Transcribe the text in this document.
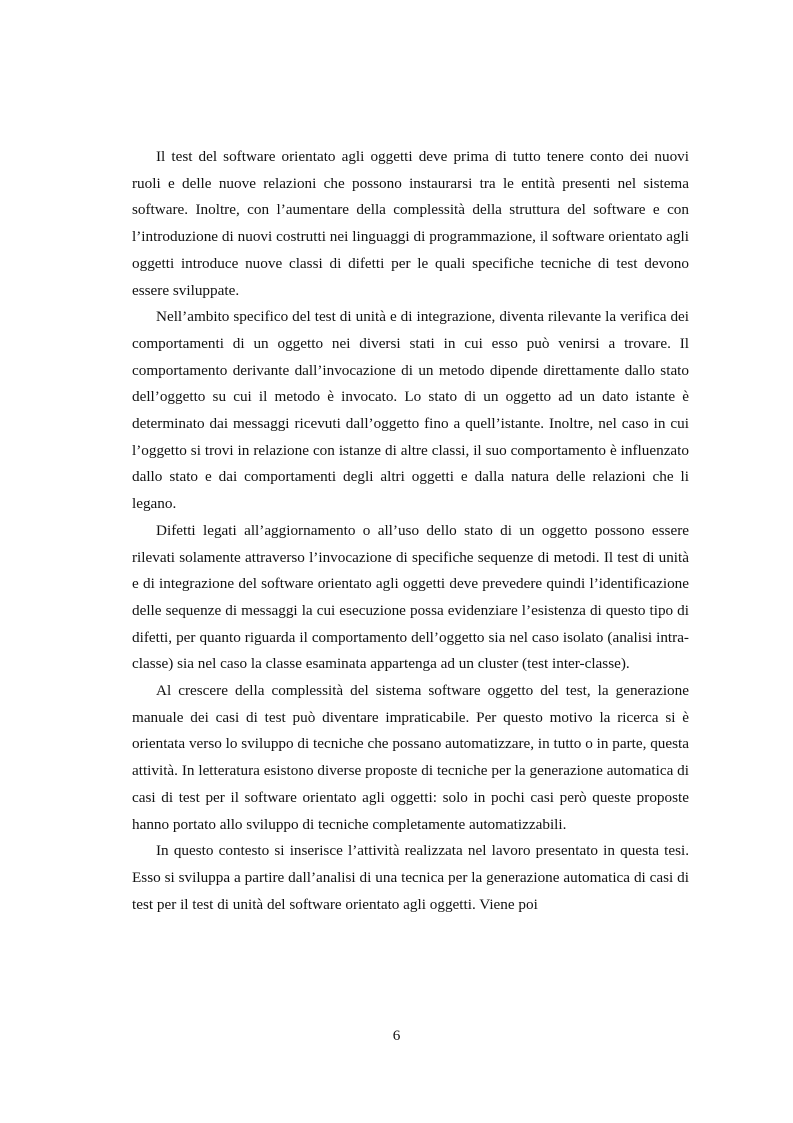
Il test del software orientato agli oggetti deve prima di tutto tenere conto dei nuovi ruoli e delle nuove relazioni che possono instaurarsi tra le entità presenti nel sistema software. Inoltre, con l’aumentare della complessità della struttura del software e con l’introduzione di nuovi costrutti nei linguaggi di programmazione, il software orientato agli oggetti introduce nuove classi di difetti per le quali specifiche tecniche di test devono essere sviluppate.

Nell’ambito specifico del test di unità e di integrazione, diventa rilevante la verifica dei comportamenti di un oggetto nei diversi stati in cui esso può venirsi a trovare. Il comportamento derivante dall’invocazione di un metodo dipende direttamente dallo stato dell’oggetto su cui il metodo è invocato. Lo stato di un oggetto ad un dato istante è determinato dai messaggi ricevuti dall’oggetto fino a quell’istante. Inoltre, nel caso in cui l’oggetto si trovi in relazione con istanze di altre classi, il suo comportamento è influenzato dallo stato e dai comportamenti degli altri oggetti e dalla natura delle relazioni che li legano.

Difetti legati all’aggiornamento o all’uso dello stato di un oggetto possono essere rilevati solamente attraverso l’invocazione di specifiche sequenze di metodi. Il test di unità e di integrazione del software orientato agli oggetti deve prevedere quindi l’identificazione delle sequenze di messaggi la cui esecuzione possa evidenziare l’esistenza di questo tipo di difetti, per quanto riguarda il comportamento dell’oggetto sia nel caso isolato (analisi intra-classe) sia nel caso la classe esaminata appartenga ad un cluster (test inter-classe).

Al crescere della complessità del sistema software oggetto del test, la generazione manuale dei casi di test può diventare impraticabile. Per questo motivo la ricerca si è orientata verso lo sviluppo di tecniche che possano automatizzare, in tutto o in parte, questa attività. In letteratura esistono diverse proposte di tecniche per la generazione automatica di casi di test per il software orientato agli oggetti: solo in pochi casi però queste proposte hanno portato allo sviluppo di tecniche completamente automatizzabili.

In questo contesto si inserisce l’attività realizzata nel lavoro presentato in questa tesi. Esso si sviluppa a partire dall’analisi di una tecnica per la generazione automatica di casi di test per il test di unità del software orientato agli oggetti. Viene poi

6
